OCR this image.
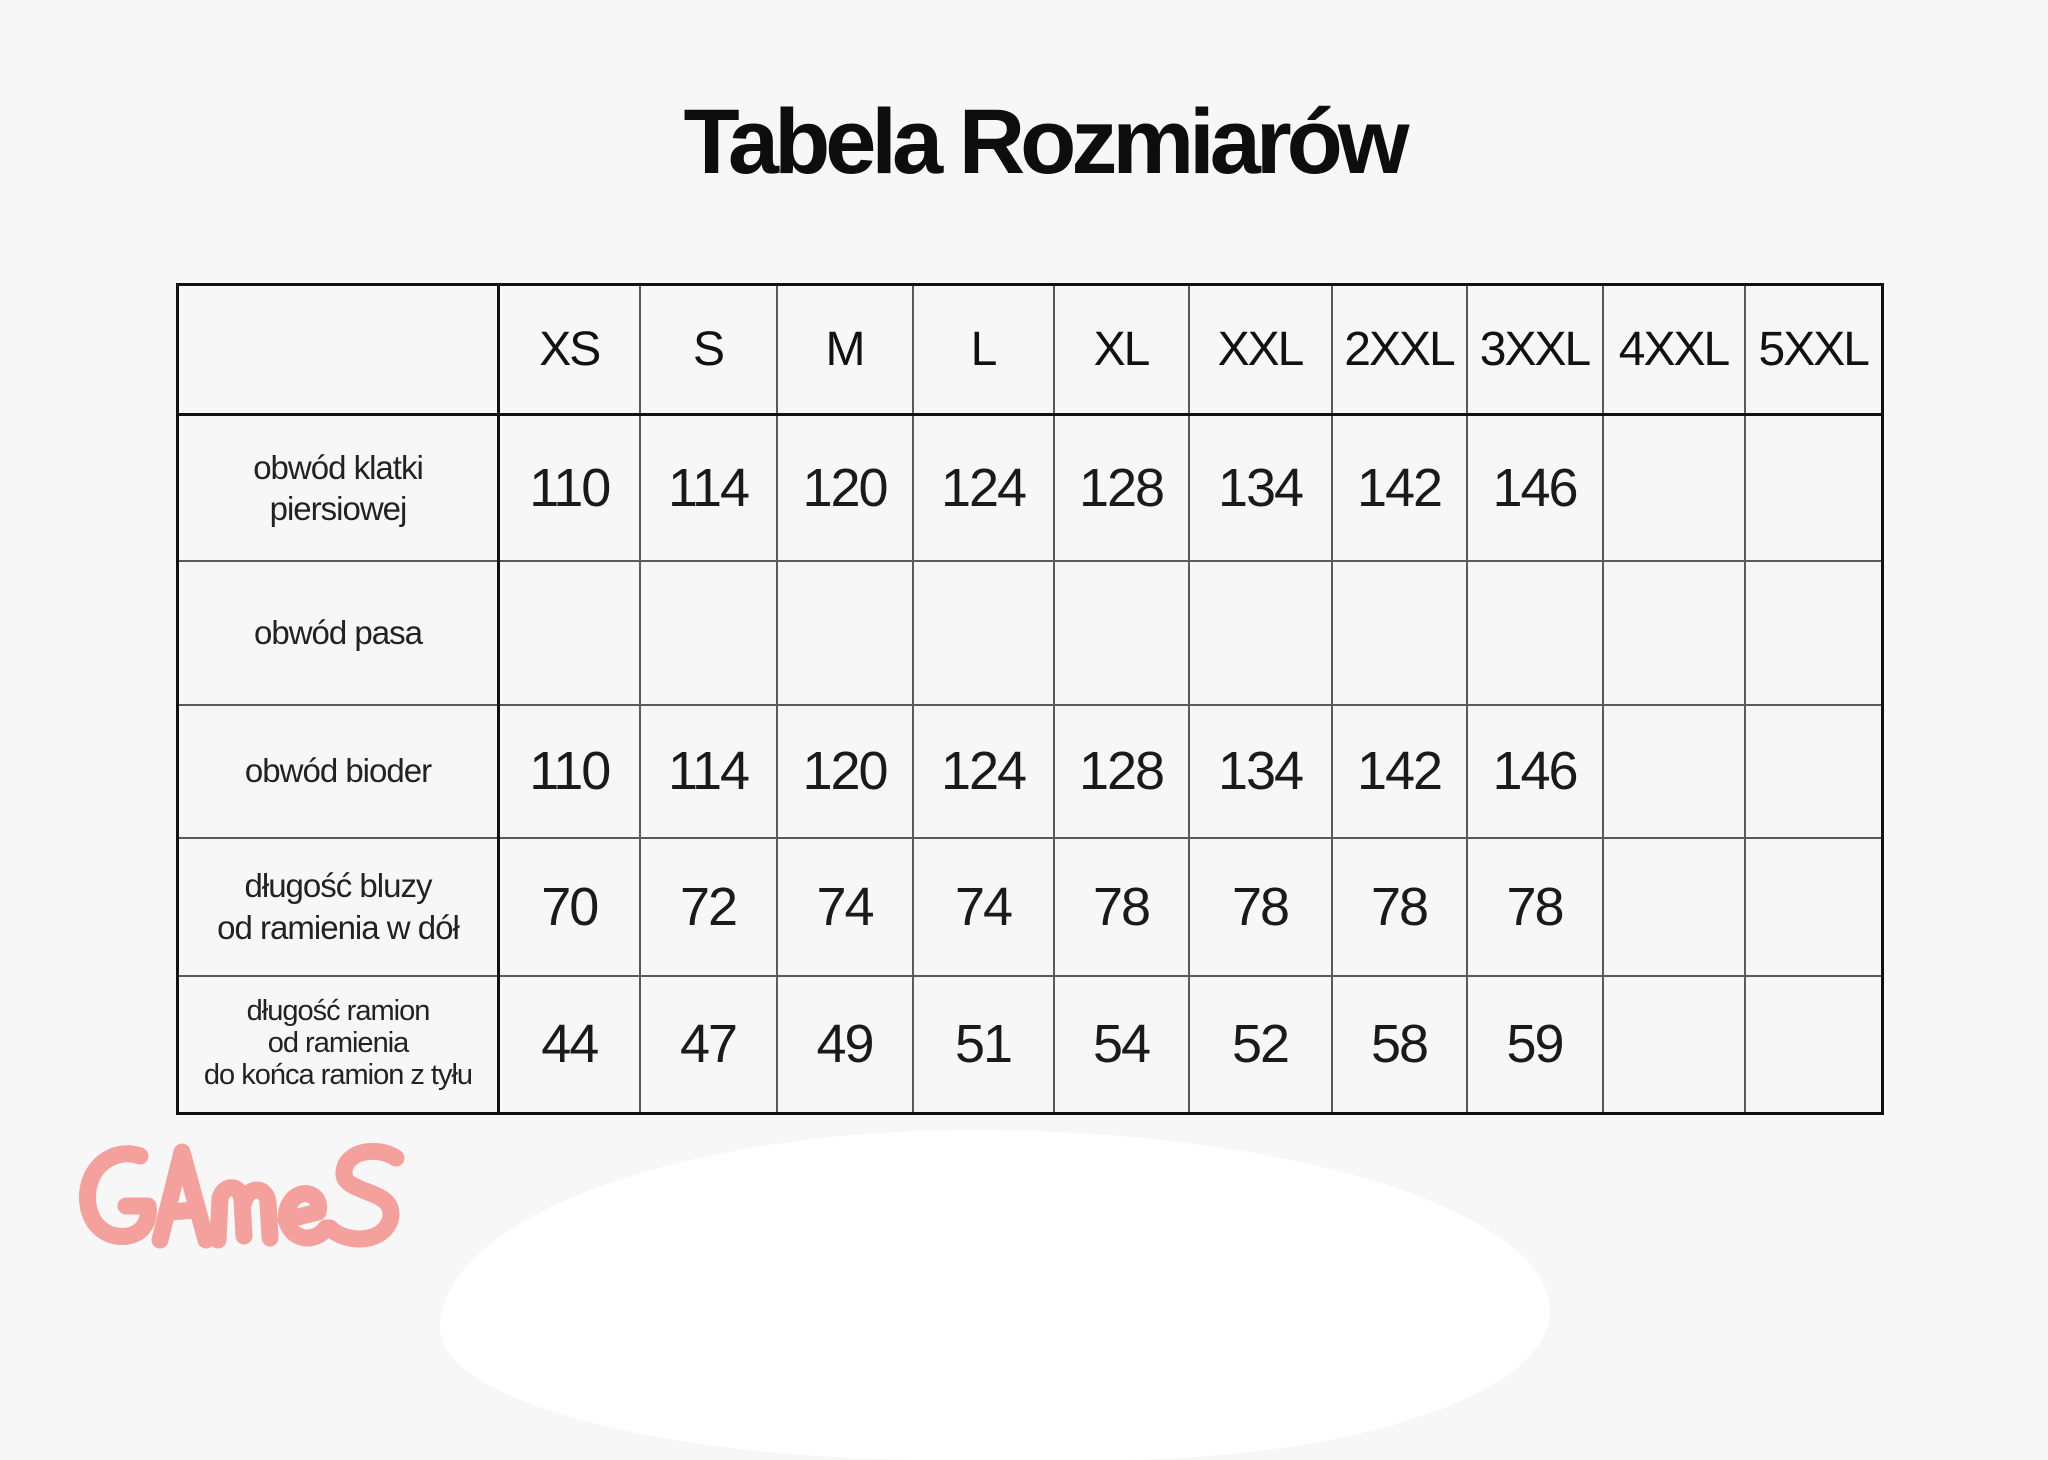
Tabela Rozmiarów
	XS	S	M	L	XL	XXL	2XXL	3XXL	4XXL	5XXL

obwód klatki
piersiowej	110	114	120	124	128	134	142	146		

obwód pasa										

obwód bioder	110	114	120	124	128	134	142	146		

długość bluzy
od ramienia w dół	70	72	74	74	78	78	78	78		

długość ramion
od ramienia
do końca ramion z tyłu	44	47	49	51	54	52	58	59		
